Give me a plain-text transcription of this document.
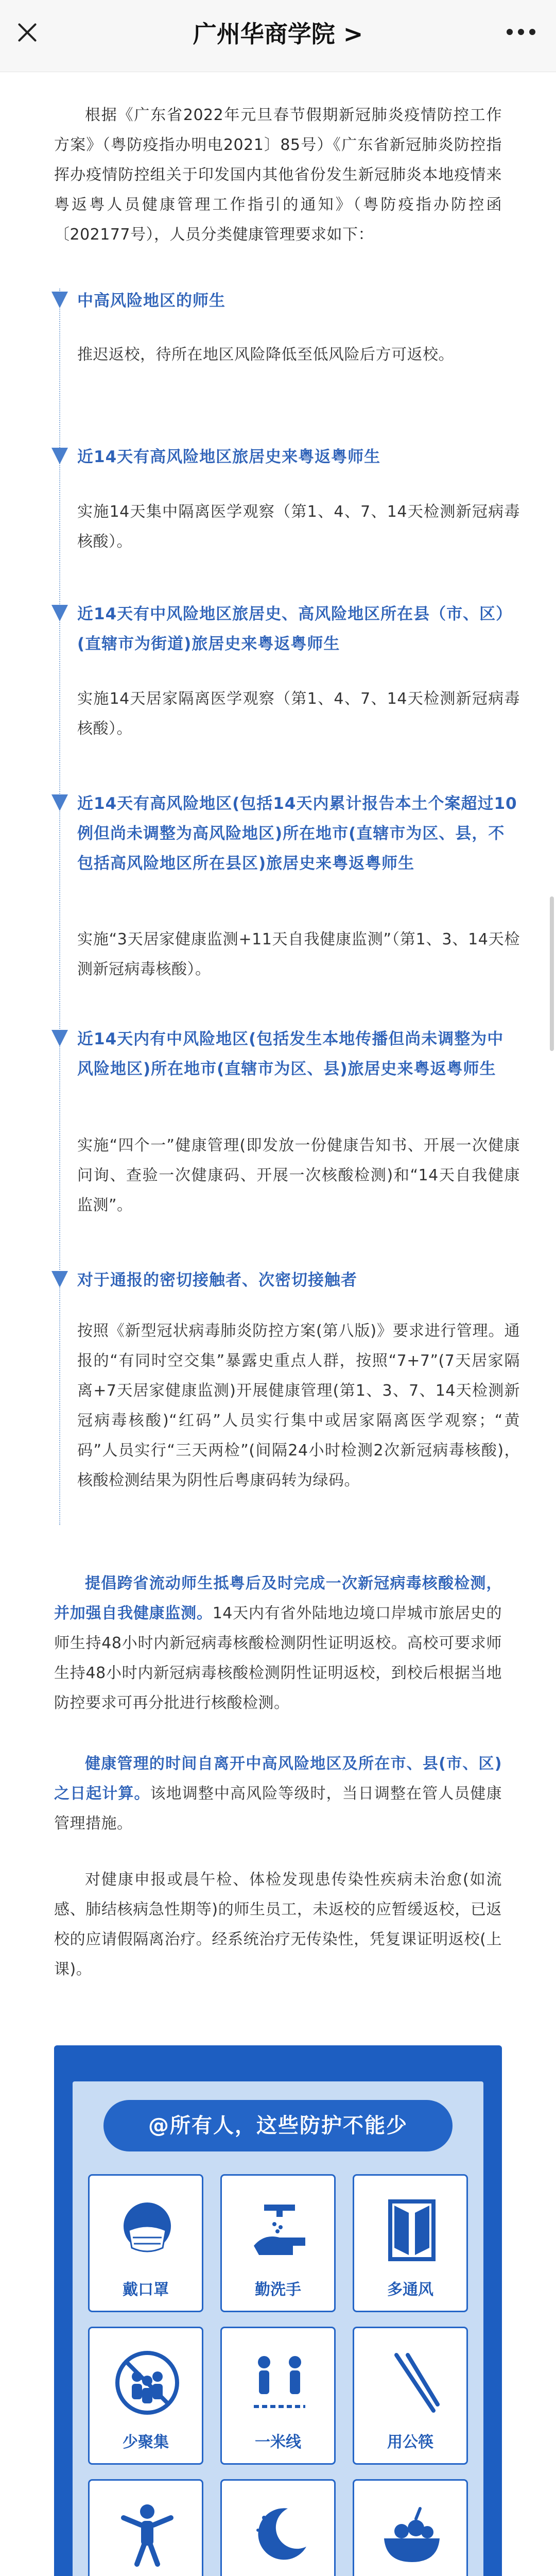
广州华商学院 >
根据《广东省2022年元旦春节假期新冠肺炎疫情防控工作方案》（粤防疫指办明电2021〕85号）《广东省新冠肺炎防控指挥办疫情防控组关于印发国内其他省份发生新冠肺炎本地疫情来粤返粤人员健康管理工作指引的通知》（粤防疫指办防控函〔202177号），人员分类健康管理要求如下：
中高风险地区的师生
推迟返校，待所在地区风险降低至低风险后方可返校。
近14天有高风险地区旅居史来粤返粤师生
实施14天集中隔离医学观察（第1、4、7、14天检测新冠病毒核酸）。
近14天有中风险地区旅居史、高风险地区所在县（市、区）(直辖市为街道)旅居史来粤返粤师生
实施14天居家隔离医学观察（第1、4、7、14天检测新冠病毒核酸）。
近14天有高风险地区(包括14天内累计报告本土个案超过10例但尚未调整为高风险地区)所在地市(直辖市为区、县，不包括高风险地区所在县区)旅居史来粤返粤师生
实施“3天居家健康监测+11天自我健康监测”（第1、3、14天检测新冠病毒核酸）。
近14天内有中风险地区(包括发生本地传播但尚未调整为中风险地区)所在地市(直辖市为区、县)旅居史来粤返粤师生
实施“四个一”健康管理(即发放一份健康告知书、开展一次健康问询、查验一次健康码、开展一次核酸检测)和“14天自我健康监测”。
对于通报的密切接触者、次密切接触者
按照《新型冠状病毒肺炎防控方案(第八版)》要求进行管理。通报的“有同时空交集”暴露史重点人群，按照“7+7”(7天居家隔离+7天居家健康监测)开展健康管理(第1、3、7、14天检测新冠病毒核酸)“红码”人员实行集中或居家隔离医学观察；“黄码”人员实行“三天两检”(间隔24小时检测2次新冠病毒核酸)，核酸检测结果为阴性后粤康码转为绿码。
提倡跨省流动师生抵粤后及时完成一次新冠病毒核酸检测，并加强自我健康监测。14天内有省外陆地边境口岸城市旅居史的师生持48小时内新冠病毒核酸检测阴性证明返校。高校可要求师生持48小时内新冠病毒核酸检测阴性证明返校，到校后根据当地防控要求可再分批进行核酸检测。
健康管理的时间自离开中高风险地区及所在市、县(市、区)之日起计算。该地调整中高风险等级时，当日调整在管人员健康管理措施。
对健康申报或晨午检、体检发现患传染性疾病未治愈(如流感、肺结核病急性期等)的师生员工，未返校的应暂缓返校，已返校的应请假隔离治疗。经系统治疗无传染性，凭复课证明返校(上课)。
@所有人，这些防护不能少
戴口罩	勤洗手	多通风
少聚集	一米线	用公筷
